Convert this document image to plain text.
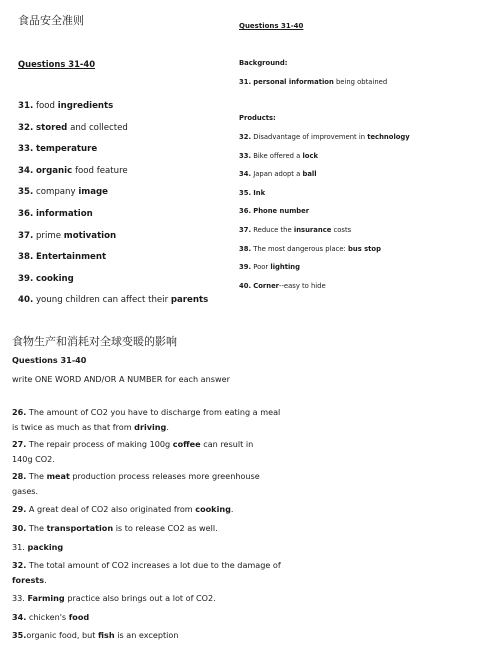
食品安全准则
Questions 31-40
31. food ingredients
32. stored and collected
33. temperature
34. organic food feature
35. company image
36. information
37. prime motivation
38. Entertainment
39. cooking
40. young children can affect their parents
Questions 31-40
Background:
31. personal information being obtained
Products:
32. Disadvantage of improvement in technology
33. Bike offered a lock
34. Japan adopt a ball
35. Ink
36. Phone number
37. Reduce the insurance costs
38. The most dangerous place: bus stop
39. Poor lighting
40. Corner--easy to hide
食物生产和消耗对全球变暖的影响
Questions 31-40
write ONE WORD AND/OR A NUMBER for each answer
26. The amount of CO2 you have to discharge from eating a meal is twice as much as that from driving.
27. The repair process of making 100g coffee can result in 140g CO2.
28. The meat production process releases more greenhouse gases.
29. A great deal of CO2 also originated from cooking.
30. The transportation is to release CO2 as well.
31. packing
32. The total amount of CO2 increases a lot due to the damage of forests.
33. Farming practice also brings out a lot of CO2.
34. chicken's food
35.organic food, but fish is an exception
